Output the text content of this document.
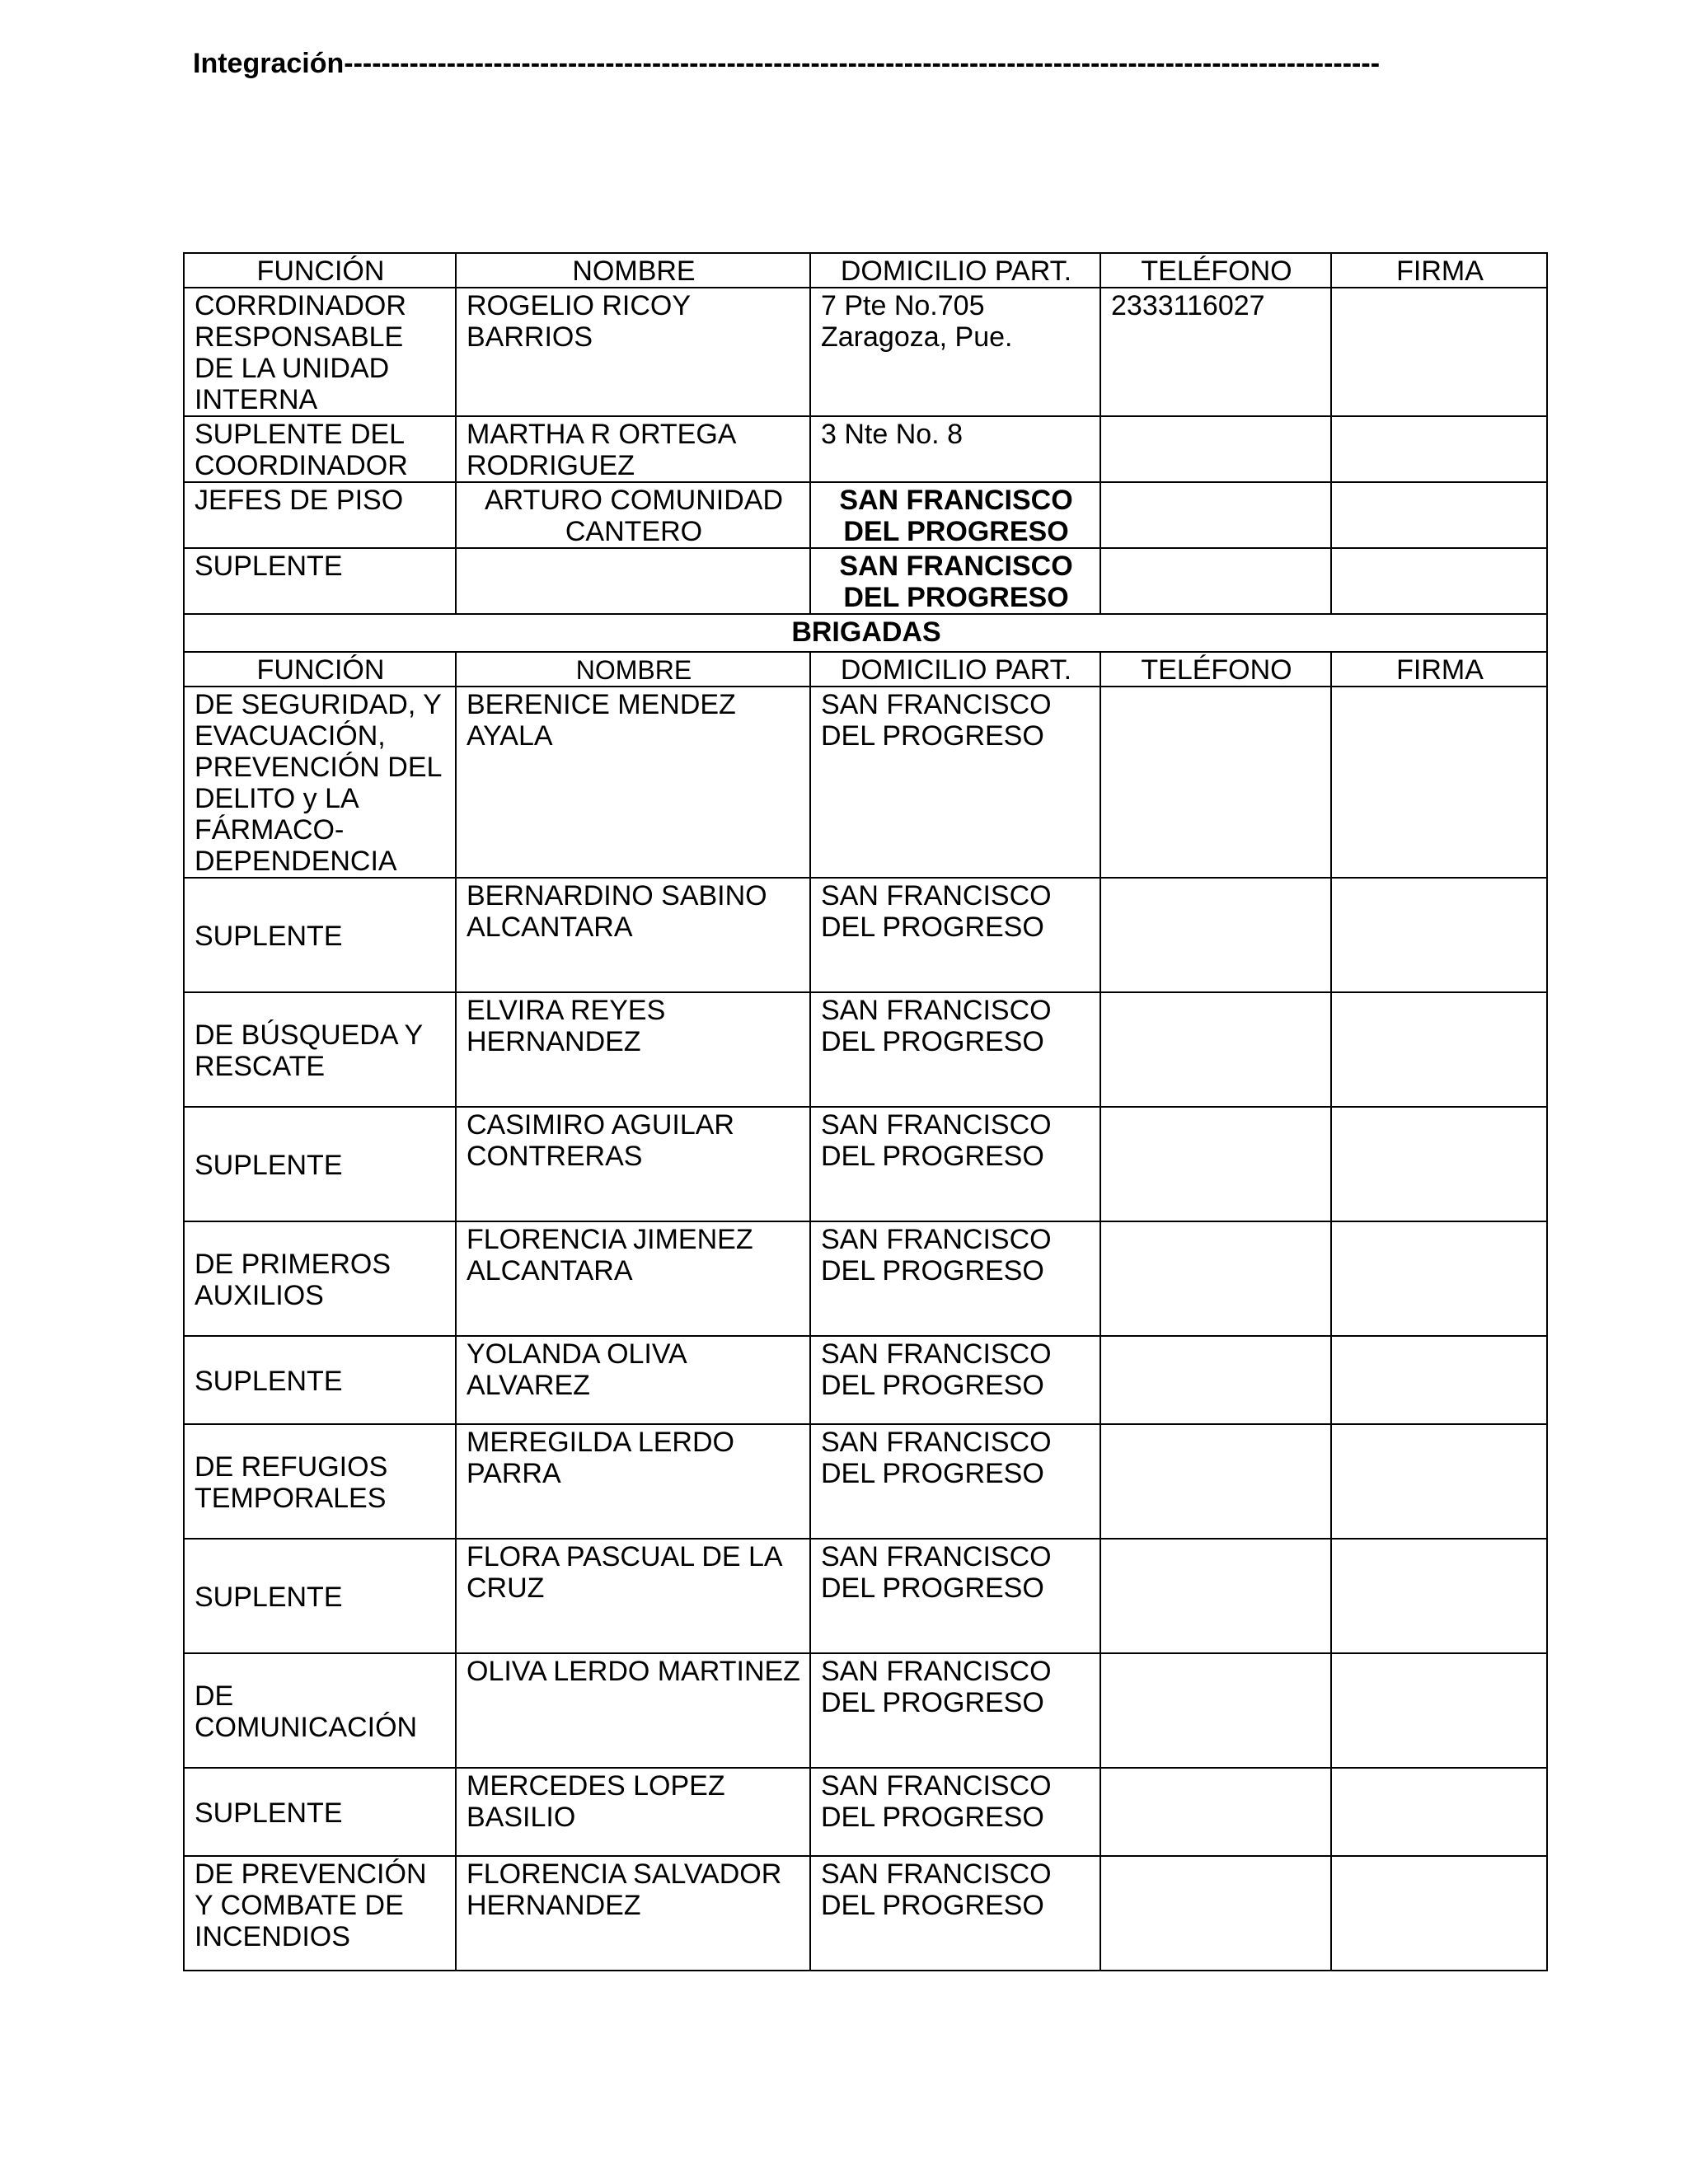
Integración---------------------------------------------------------------------------------------------------------------
FUNCIÓN	NOMBRE	DOMICILIO PART.	TELÉFONO	FIRMA
CORRDINADOR RESPONSABLE DE LA UNIDAD INTERNA	ROGELIO RICOY BARRIOS	7 Pte No.705 Zaragoza, Pue.	2333116027	
SUPLENTE DEL COORDINADOR	MARTHA R ORTEGA RODRIGUEZ	3 Nte No. 8		
JEFES DE PISO	ARTURO COMUNIDAD CANTERO	SAN FRANCISCO DEL PROGRESO		
SUPLENTE		SAN FRANCISCO DEL PROGRESO		
BRIGADAS				
FUNCIÓN	NOMBRE	DOMICILIO PART.	TELÉFONO	FIRMA
DE SEGURIDAD, Y EVACUACIÓN, PREVENCIÓN DEL DELITO y LA FÁRMACO-DEPENDENCIA	BERENICE MENDEZ AYALA	SAN FRANCISCO DEL PROGRESO		
SUPLENTE	BERNARDINO SABINO ALCANTARA	SAN FRANCISCO DEL PROGRESO		
DE BÚSQUEDA Y RESCATE	ELVIRA REYES HERNANDEZ	SAN FRANCISCO DEL PROGRESO		
SUPLENTE	CASIMIRO AGUILAR CONTRERAS	SAN FRANCISCO DEL PROGRESO		
DE PRIMEROS AUXILIOS	FLORENCIA JIMENEZ ALCANTARA	SAN FRANCISCO DEL PROGRESO		
SUPLENTE	YOLANDA OLIVA ALVAREZ	SAN FRANCISCO DEL PROGRESO		
DE REFUGIOS TEMPORALES	MEREGILDA LERDO PARRA	SAN FRANCISCO DEL PROGRESO		
SUPLENTE	FLORA PASCUAL DE LA CRUZ	SAN FRANCISCO DEL PROGRESO		
DE COMUNICACIÓN	OLIVA LERDO MARTINEZ	SAN FRANCISCO DEL PROGRESO		
SUPLENTE	MERCEDES LOPEZ BASILIO	SAN FRANCISCO DEL PROGRESO		
DE PREVENCIÓN Y COMBATE DE INCENDIOS	FLORENCIA SALVADOR HERNANDEZ	SAN FRANCISCO DEL PROGRESO		
